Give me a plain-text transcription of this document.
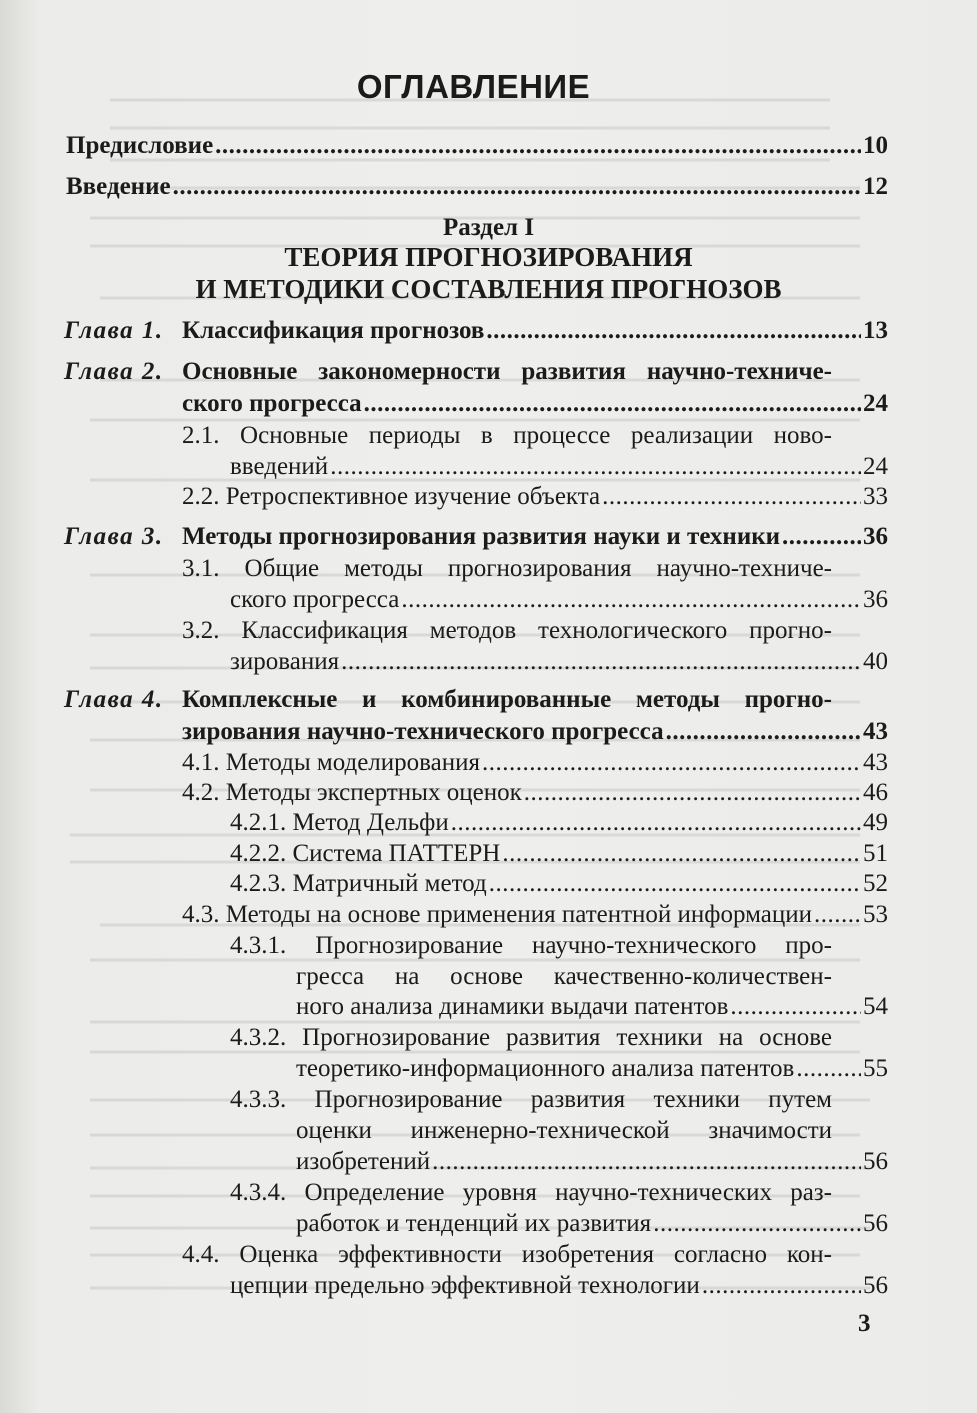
ОГЛАВЛЕНИЕ
Предисловие .....	10
Введение .....	12
Раздел I
ТЕОРИЯ ПРОГНОЗИРОВАНИЯ
И МЕТОДИКИ СОСТАВЛЕНИЯ ПРОГНОЗОВ
Глава 1. Классификация прогнозов .....	13
Глава 2. Основные закономерности развития научно-техниче-
ского прогресса .....	24
2.1. Основные периоды в процессе реализации ново-
введений .....	24
2.2. Ретроспективное изучение объекта .....	33
Глава 3. Методы прогнозирования развития науки и техники .....	36
3.1. Общие методы прогнозирования научно-техниче-
ского прогресса .....	36
3.2. Классификация методов технологического прогно-
зирования .....	40
Глава 4. Комплексные и комбинированные методы прогно-
зирования научно-технического прогресса .....	43
4.1. Методы моделирования .....	43
4.2. Методы экспертных оценок .....	46
4.2.1. Метод Дельфи .....	49
4.2.2. Система ПАТТЕРН .....	51
4.2.3. Матричный метод .....	52
4.3. Методы на основе применения патентной информации ..... 53
4.3.1. Прогнозирование научно-технического про-
гресса на основе качественно-количествен-
ного анализа динамики выдачи патентов .....	54
4.3.2. Прогнозирование развития техники на основе
теоретико-информационного анализа патентов .....	55
4.3.3. Прогнозирование развития техники путем
оценки инженерно-технической значимости
изобретений .....	56
4.3.4. Определение уровня научно-технических раз-
работок и тенденций их развития .....	56
4.4. Оценка эффективности изобретения согласно кон-
цепции предельно эффективной технологии .....	56
3
